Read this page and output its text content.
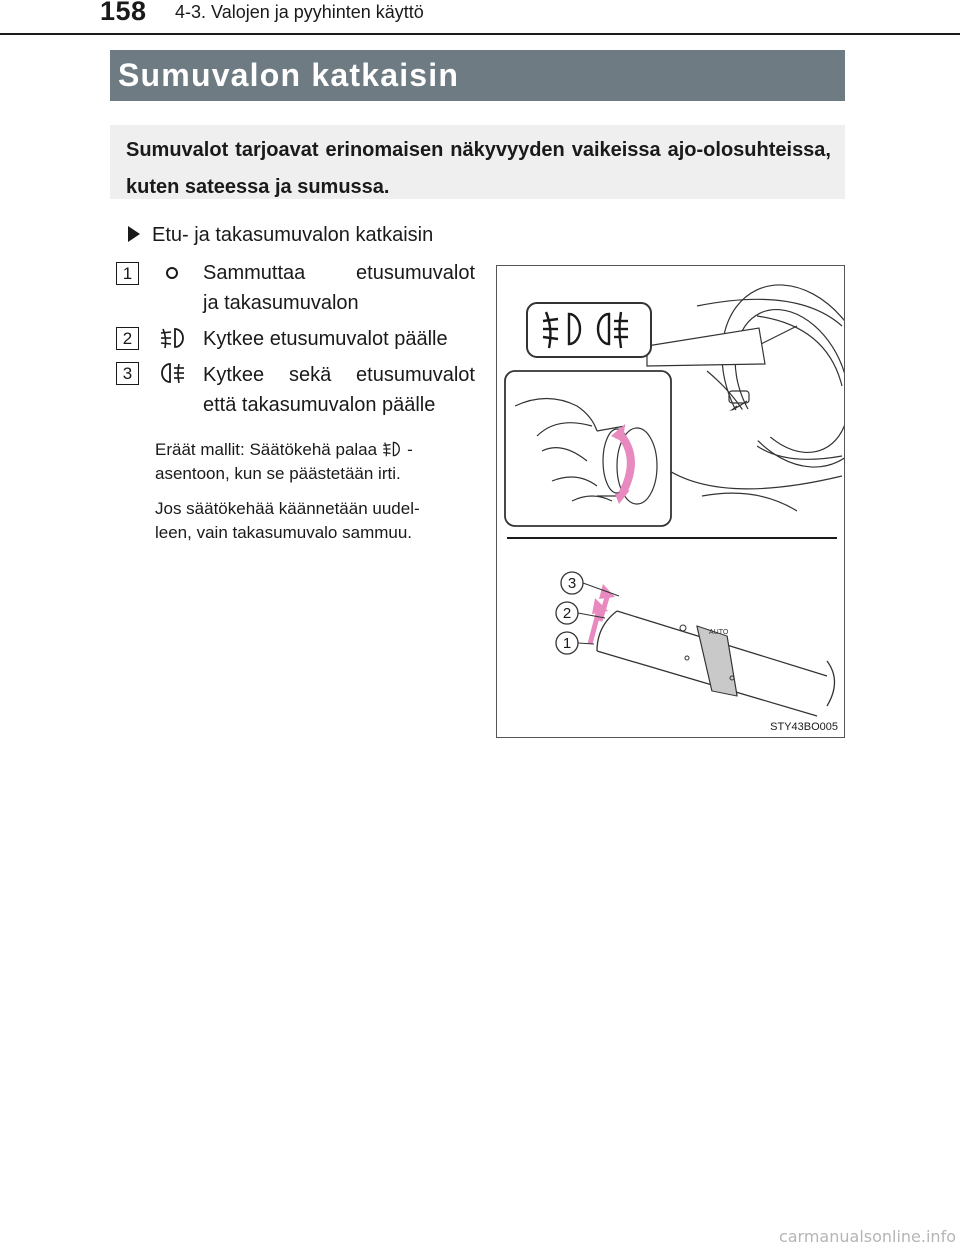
158 4-3. Valojen ja pyyhinten käyttö
Sumuvalon katkaisin

Sumuvalot tarjoavat erinomaisen näkyvyyden vaikeissa ajo-olosuhteissa, kuten sateessa ja sumussa.

Etu- ja takasumuvalon katkaisin
1	Sammuttaa etusumuvalot
ja takasumuvalon
2	Kytkee etusumuvalot päälle
3	Kytkee sekä etusumuvalot
että takasumuvalon päälle
Eräät mallit: Säätökehä palaa -
asentoon, kun se päästetään irti.
Jos säätökehää käännetään uudel-
leen, vain takasumuvalo sammuu.
AUTO
3
2
1
STY43BO005
carmanualsonline.info
